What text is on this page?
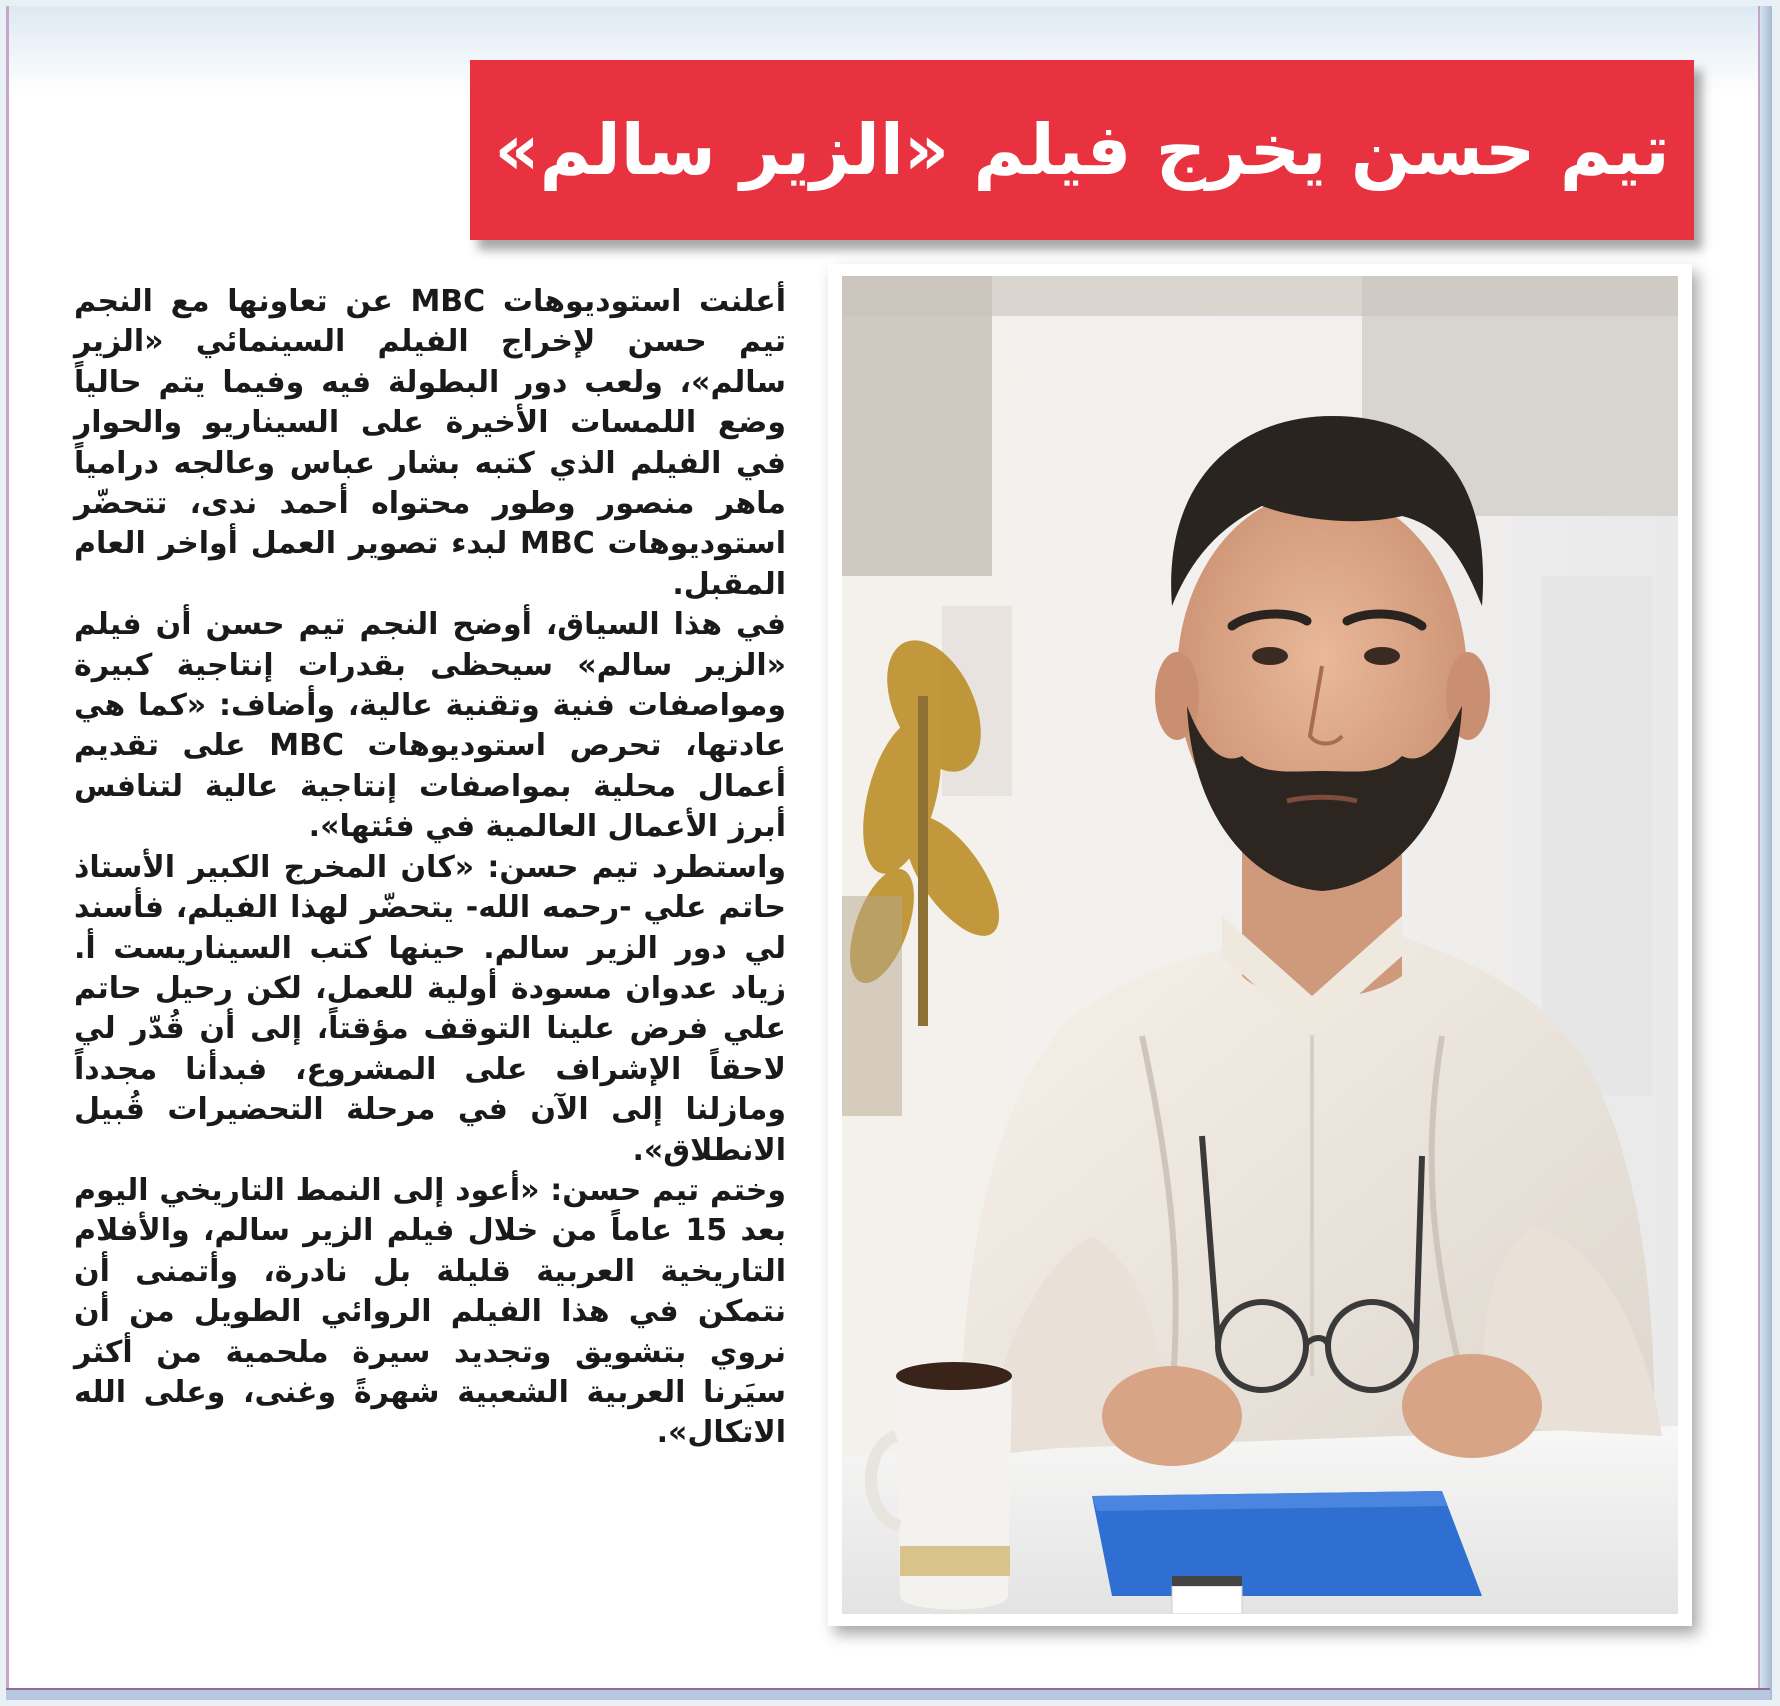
تيم حسن يخرج فيلم «الزير سالم»

أعلنت استوديوهات MBC عن تعاونها مع النجم تيم حسن لإخراج الفيلم السينمائي «الزير سالم»، ولعب دور البطولة فيه وفيما يتم حالياً وضع اللمسات الأخيرة على السيناريو والحوار في الفيلم الذي كتبه بشار عباس وعالجه درامياً ماهر منصور وطور محتواه أحمد ندى، تتحضّر استوديوهات MBC لبدء تصوير العمل أواخر العام المقبل.

في هذا السياق، أوضح النجم تيم حسن أن فيلم «الزير سالم» سيحظى بقدرات إنتاجية كبيرة ومواصفات فنية وتقنية عالية، وأضاف: «كما هي عادتها، تحرص استوديوهات MBC على تقديم أعمال محلية بمواصفات إنتاجية عالية لتنافس أبرز الأعمال العالمية في فئتها».

واستطرد تيم حسن: «كان المخرج الكبير الأستاذ حاتم علي -رحمه الله- يتحضّر لهذا الفيلم، فأسند لي دور الزير سالم. حينها كتب السيناريست أ. زياد عدوان مسودة أولية للعمل، لكن رحيل حاتم علي فرض علينا التوقف مؤقتاً، إلى أن قُدّر لي لاحقاً الإشراف على المشروع، فبدأنا مجدداً ومازلنا إلى الآن في مرحلة التحضيرات قُبيل الانطلاق».

وختم تيم حسن: «أعود إلى النمط التاريخي اليوم بعد 15 عاماً من خلال فيلم الزير سالم، والأفلام التاريخية العربية قليلة بل نادرة، وأتمنى أن نتمكن في هذا الفيلم الروائي الطويل من أن نروي بتشويق وتجديد سيرة ملحمية من أكثر سيَرنا العربية الشعبية شهرةً وغنى، وعلى الله الاتكال».
